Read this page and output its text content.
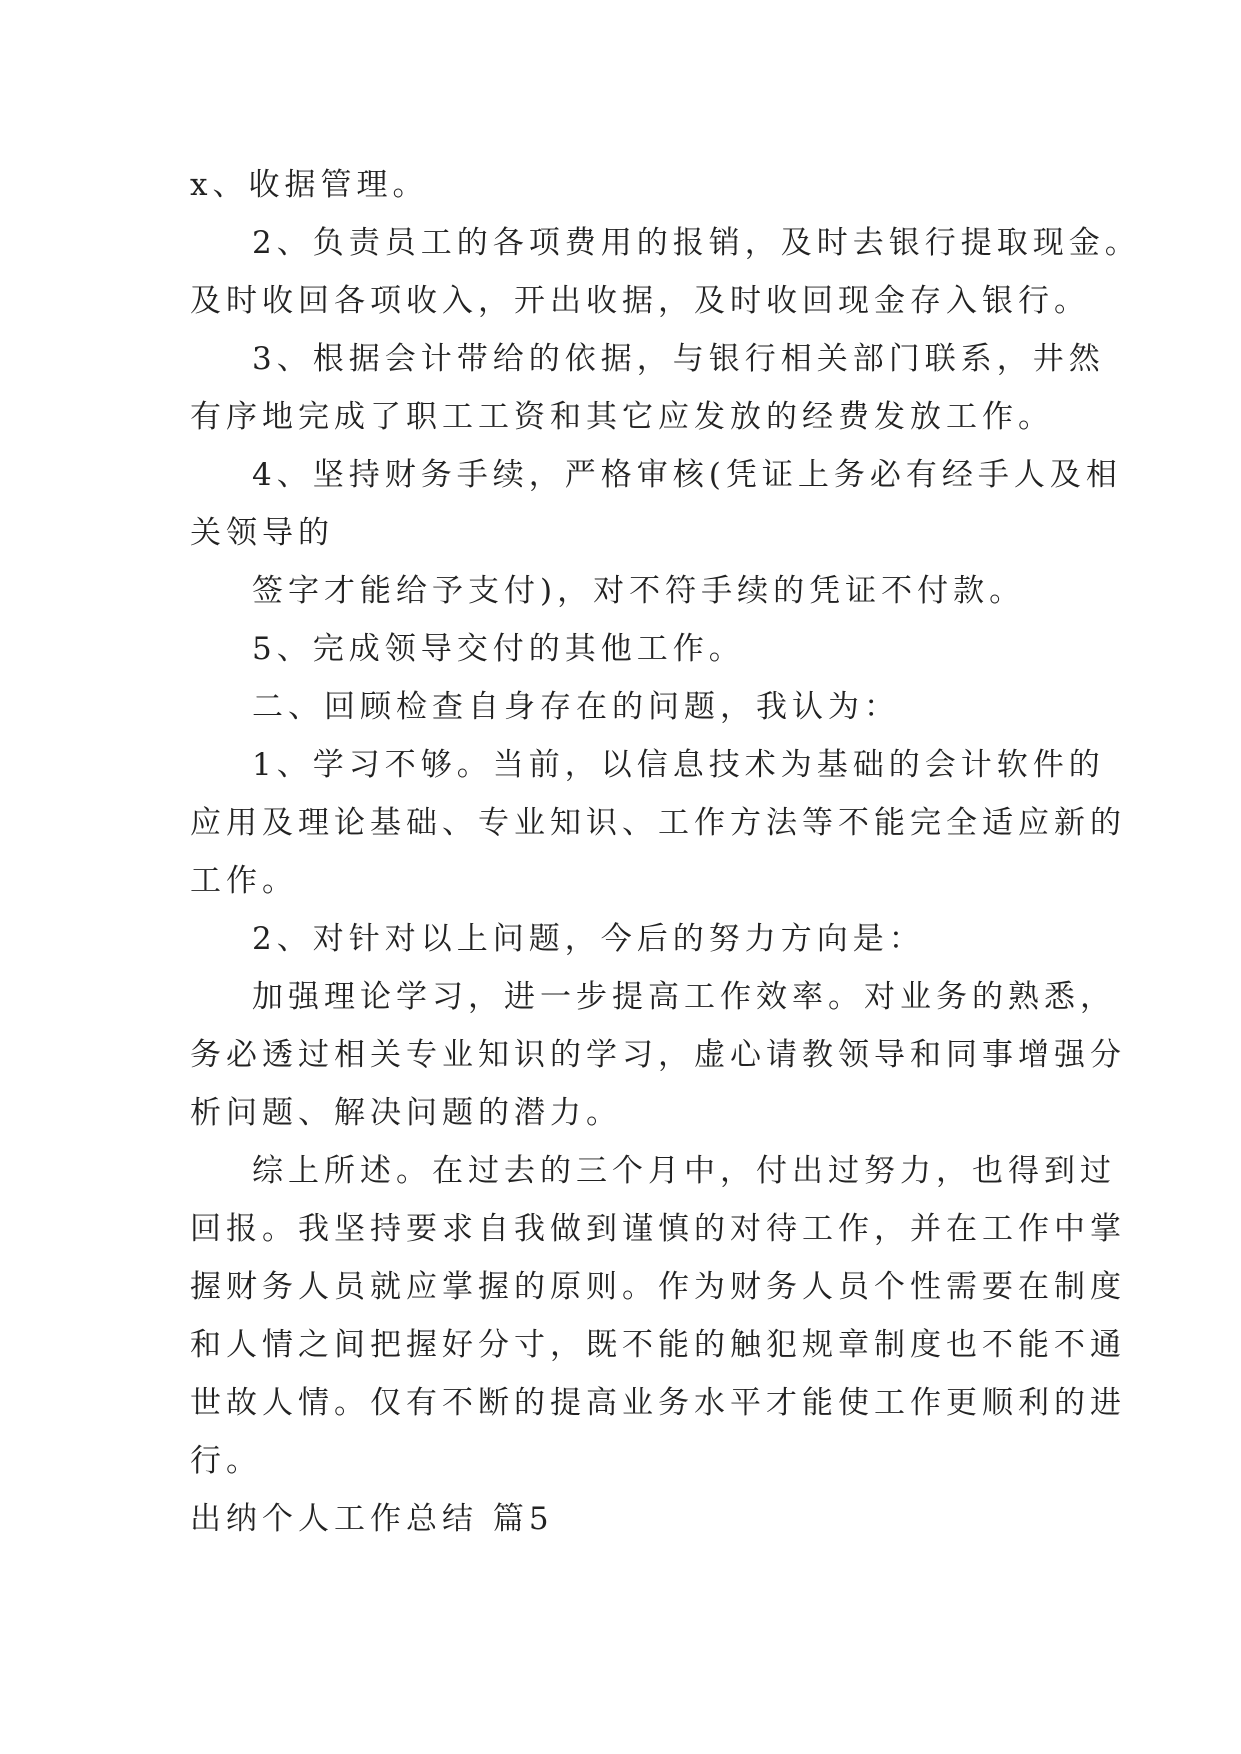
x、收据管理。
2、负责员工的各项费用的报销，及时去银行提取现金。
及时收回各项收入，开出收据，及时收回现金存入银行。
3、根据会计带给的依据，与银行相关部门联系，井然
有序地完成了职工工资和其它应发放的经费发放工作。
4、坚持财务手续，严格审核(凭证上务必有经手人及相
关领导的
签字才能给予支付)，对不符手续的凭证不付款。
5、完成领导交付的其他工作。
二、回顾检查自身存在的问题，我认为：
1、学习不够。当前，以信息技术为基础的会计软件的
应用及理论基础、专业知识、工作方法等不能完全适应新的
工作。
2、对针对以上问题，今后的努力方向是：
加强理论学习，进一步提高工作效率。对业务的熟悉，
务必透过相关专业知识的学习，虚心请教领导和同事增强分
析问题、解决问题的潜力。
综上所述。在过去的三个月中，付出过努力，也得到过
回报。我坚持要求自我做到谨慎的对待工作，并在工作中掌
握财务人员就应掌握的原则。作为财务人员个性需要在制度
和人情之间把握好分寸，既不能的触犯规章制度也不能不通
世故人情。仅有不断的提高业务水平才能使工作更顺利的进
行。
出纳个人工作总结 篇5
